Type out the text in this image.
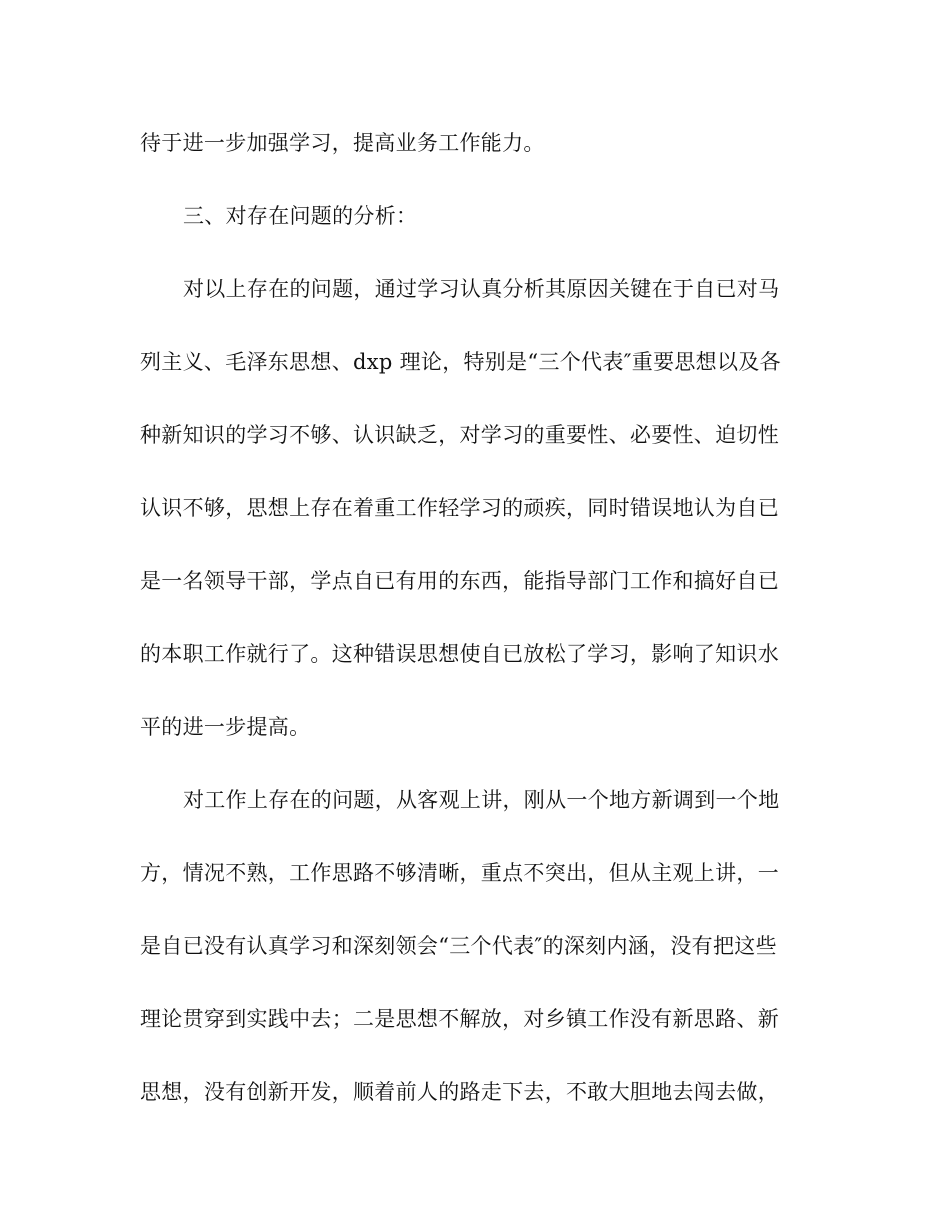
待于进一步加强学习，提高业务工作能力。
三、对存在问题的分析：
对以上存在的问题，通过学习认真分析其原因关键在于自已对马
列主义、毛泽东思想、dxp 理论，特别是“三个代表″重要思想以及各
种新知识的学习不够、认识缺乏，对学习的重要性、必要性、迫切性
认识不够，思想上存在着重工作轻学习的顽疾，同时错误地认为自已
是一名领导干部，学点自已有用的东西，能指导部门工作和搞好自已
的本职工作就行了。这种错误思想使自已放松了学习，影响了知识水
平的进一步提高。
对工作上存在的问题，从客观上讲，刚从一个地方新调到一个地
方，情况不熟，工作思路不够清晰，重点不突出，但从主观上讲，一
是自已没有认真学习和深刻领会“三个代表″的深刻内涵，没有把这些
理论贯穿到实践中去；二是思想不解放，对乡镇工作没有新思路、新
思想，没有创新开发，顺着前人的路走下去，不敢大胆地去闯去做，
